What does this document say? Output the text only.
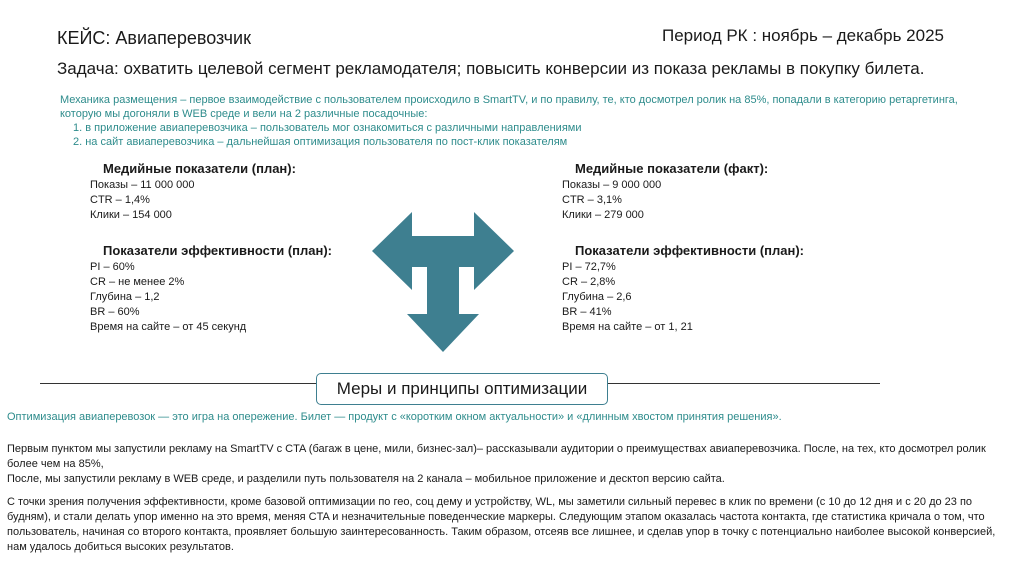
КЕЙС: Авиаперевозчик	Период РК : ноябрь – декабрь 2025
Задача: охватить целевой сегмент рекламодателя; повысить конверсии из показа рекламы в покупку билета.
Механика размещения – первое взаимодействие с пользователем происходило в SmartTV, и по правилу, те, кто досмотрел ролик на 85%, попадали в категорию ретаргетинга, которую мы догоняли в WEB среде и вели на 2 различные посадочные:
1. в приложение авиаперевозчика – пользователь мог ознакомиться с различными направлениями
2. на сайт авиаперевозчика – дальнейшая оптимизация пользователя по пост-клик показателям
Медийные показатели (план):
Показы – 11 000 000
CTR – 1,4%
Клики – 154 000
Показатели эффективности (план):
PI – 60%
CR – не менее 2%
Глубина – 1,2
BR – 60%
Время на сайте – от 45 секунд
Медийные показатели (факт):
Показы – 9 000 000
CTR – 3,1%
Клики – 279 000
Показатели эффективности (план):
PI – 72,7%
CR – 2,8%
Глубина – 2,6
BR – 41%
Время на сайте – от 1, 21
Меры и принципы оптимизации
Оптимизация авиаперевозок — это игра на опережение. Билет — продукт с «коротким окном актуальности» и «длинным хвостом принятия решения».

Первым пунктом мы запустили рекламу на SmartTV с CTA (багаж в цене, мили, бизнес-зал)– рассказывали аудитории о преимуществах авиаперевозчика. После, на тех, кто досмотрел ролик более чем на 85%,

После, мы запустили рекламу в WEB среде, и разделили путь пользователя на 2 канала – мобильное приложение и десктоп версию сайта.

С точки зрения получения эффективности, кроме базовой оптимизации по гео, соц дему и устройству, WL, мы заметили сильный перевес в клик по времени (с 10 до 12 дня и с 20 до 23 по будням), и стали делать упор именно на это время, меняя CTA и незначительные поведенческие маркеры. Следующим этапом оказалась частота контакта, где статистика кричала о том, что пользователь, начиная со второго контакта, проявляет большую заинтересованность. Таким образом, отсеяв все лишнее, и сделав упор в точку с потенциально наиболее высокой конверсией, нам удалось добиться высоких результатов.
